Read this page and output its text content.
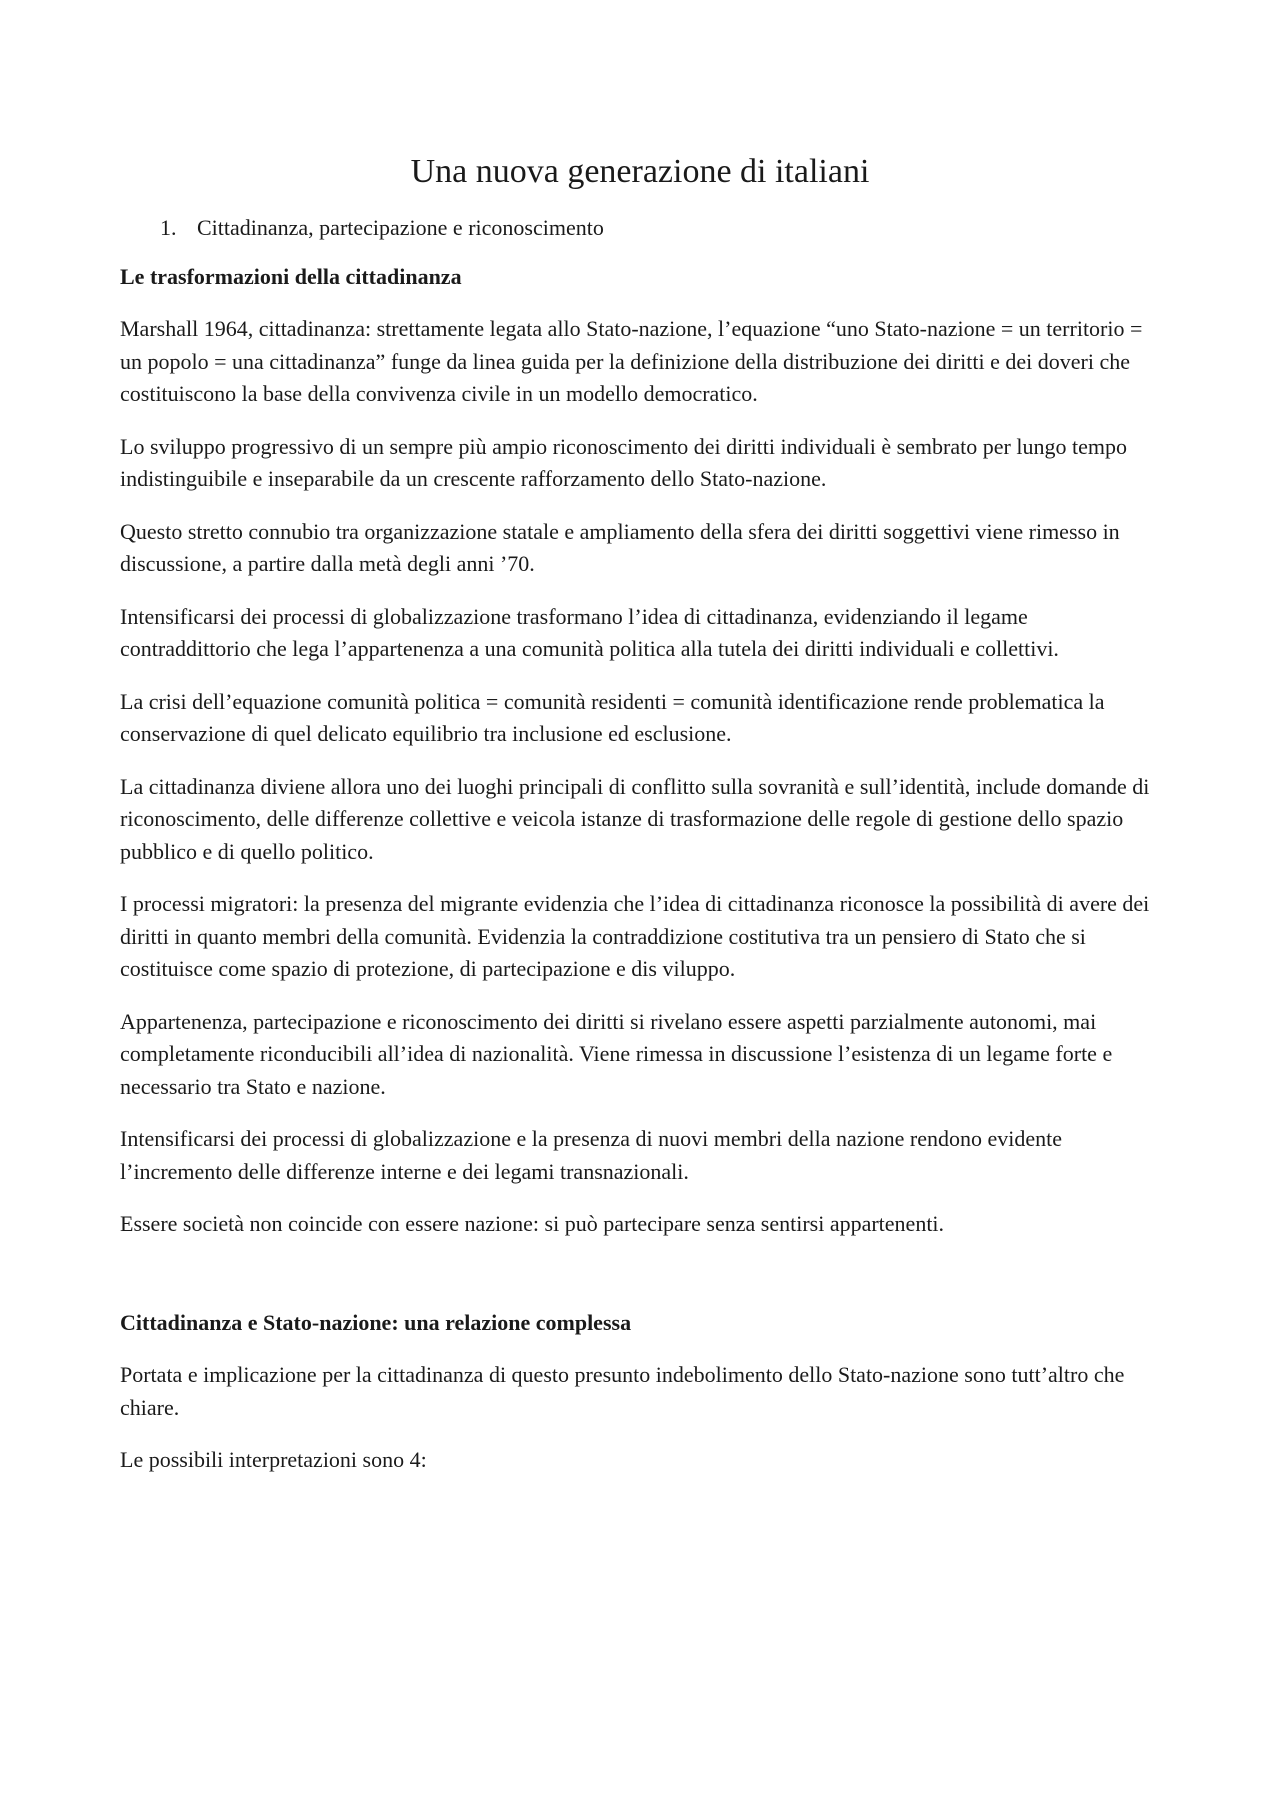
Una nuova generazione di italiani
1. Cittadinanza, partecipazione e riconoscimento
Le trasformazioni della cittadinanza

Marshall 1964, cittadinanza: strettamente legata allo Stato-nazione, l’equazione “uno Stato-nazione = un territorio = un popolo = una cittadinanza” funge da linea guida per la definizione della distribuzione dei diritti e dei doveri che costituiscono la base della convivenza civile in un modello democratico.

Lo sviluppo progressivo di un sempre più ampio riconoscimento dei diritti individuali è sembrato per lungo tempo indistinguibile e inseparabile da un crescente rafforzamento dello Stato-nazione.

Questo stretto connubio tra organizzazione statale e ampliamento della sfera dei diritti soggettivi viene rimesso in discussione, a partire dalla metà degli anni ’70.

Intensificarsi dei processi di globalizzazione trasformano l’idea di cittadinanza, evidenziando il legame contraddittorio che lega l’appartenenza a una comunità politica alla tutela dei diritti individuali e collettivi.

La crisi dell’equazione comunità politica = comunità residenti = comunità identificazione rende problematica la conservazione di quel delicato equilibrio tra inclusione ed esclusione.

La cittadinanza diviene allora uno dei luoghi principali di conflitto sulla sovranità e sull’identità, include domande di riconoscimento, delle differenze collettive e veicola istanze di trasformazione delle regole di gestione dello spazio pubblico e di quello politico.

I processi migratori: la presenza del migrante evidenzia che l’idea di cittadinanza riconosce la possibilità di avere dei diritti in quanto membri della comunità. Evidenzia la contraddizione costitutiva tra un pensiero di Stato che si costituisce come spazio di protezione, di partecipazione e dis viluppo.

Appartenenza, partecipazione e riconoscimento dei diritti si rivelano essere aspetti parzialmente autonomi, mai completamente riconducibili all’idea di nazionalità. Viene rimessa in discussione l’esistenza di un legame forte e necessario tra Stato e nazione.

Intensificarsi dei processi di globalizzazione e la presenza di nuovi membri della nazione rendono evidente l’incremento delle differenze interne e dei legami transnazionali.

Essere società non coincide con essere nazione: si può partecipare senza sentirsi appartenenti.

Cittadinanza e Stato-nazione: una relazione complessa

Portata e implicazione per la cittadinanza di questo presunto indebolimento dello Stato-nazione sono tutt’altro che chiare.

Le possibili interpretazioni sono 4:
